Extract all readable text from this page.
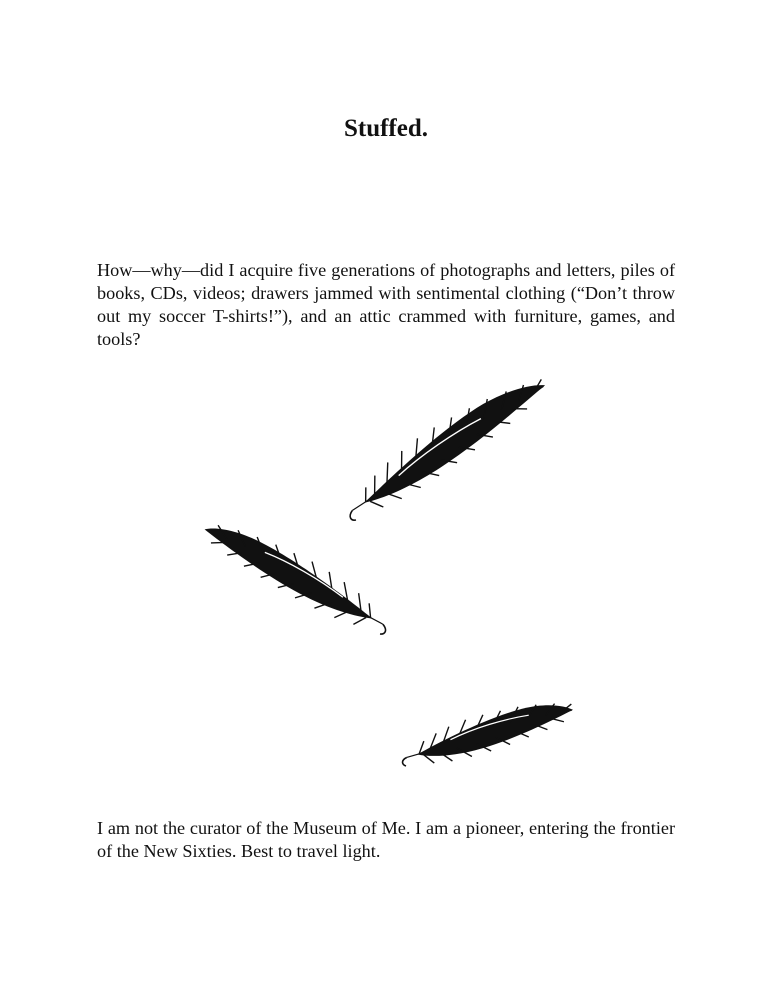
Stuffed.

How—why—did I acquire five generations of photographs and letters, piles of books, CDs, videos; drawers jammed with sentimental clothing (“Don’t throw out my soccer T-shirts!”), and an attic crammed with furniture, games, and tools?

I am not the curator of the Museum of Me. I am a pioneer, entering the frontier of the New Sixties. Best to travel light.
